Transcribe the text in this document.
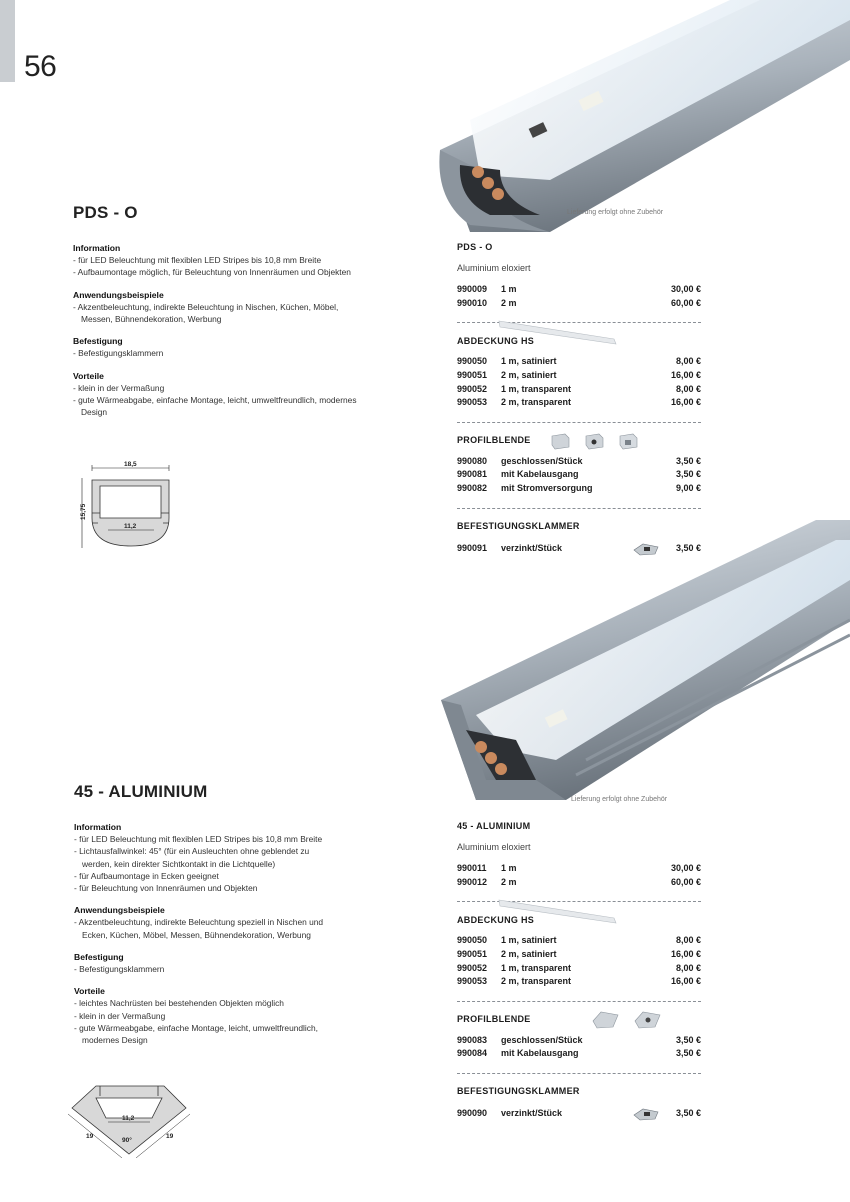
56
Lieferung erfolgt ohne Zubehör
PDS - O
Information
- für LED Beleuchtung mit flexiblen LED Stripes bis 10,8 mm Breite
- Aufbaumontage möglich, für Beleuchtung von Innenräumen und Objekten
Anwendungsbeispiele
- Akzentbeleuchtung, indirekte Beleuchtung in Nischen, Küchen, Möbel, Messen, Bühnendekoration, Werbung
Befestigung
- Befestigungsklammern
Vorteile
- klein in der Vermaßung
- gute Wärmeabgabe, einfache Montage, leicht, umweltfreundlich, modernes Design
18,5
15,75
11,2
PDS - O
Aluminium eloxiert
990009	1 m	30,00 €
990010	2 m	60,00 €
ABDECKUNG HS
990050	1 m, satiniert	8,00 €
990051	2 m, satiniert	16,00 €
990052	1 m, transparent	8,00 €
990053	2 m, transparent	16,00 €
PROFILBLENDE
990080	geschlossen/Stück	3,50 €
990081	mit Kabelausgang	3,50 €
990082	mit Stromversorgung	9,00 €
BEFESTIGUNGSKLAMMER
990091	verzinkt/Stück	3,50 €
Lieferung erfolgt ohne Zubehör
45 - ALUMINIUM
Information
- für LED Beleuchtung mit flexiblen LED Stripes bis 10,8 mm Breite
- Lichtausfallwinkel: 45° (für ein Ausleuchten ohne geblendet zu werden, kein direkter Sichtkontakt in die Lichtquelle)
- für Aufbaumontage in Ecken geeignet
- für Beleuchtung von Innenräumen und Objekten
Anwendungsbeispiele
- Akzentbeleuchtung, indirekte Beleuchtung speziell in Nischen und Ecken, Küchen, Möbel, Messen, Bühnendekoration, Werbung
Befestigung
- Befestigungsklammern
Vorteile
- leichtes Nachrüsten bei bestehenden Objekten möglich
- klein in der Vermaßung
- gute Wärmeabgabe, einfache Montage, leicht, umweltfreundlich, modernes Design
11,2
19	19
90°
45 - ALUMINIUM
Aluminium eloxiert
990011	1 m	30,00 €
990012	2 m	60,00 €
ABDECKUNG HS
990050	1 m, satiniert	8,00 €
990051	2 m, satiniert	16,00 €
990052	1 m, transparent	8,00 €
990053	2 m, transparent	16,00 €
PROFILBLENDE
990083	geschlossen/Stück	3,50 €
990084	mit Kabelausgang	3,50 €
BEFESTIGUNGSKLAMMER
990090	verzinkt/Stück	3,50 €
